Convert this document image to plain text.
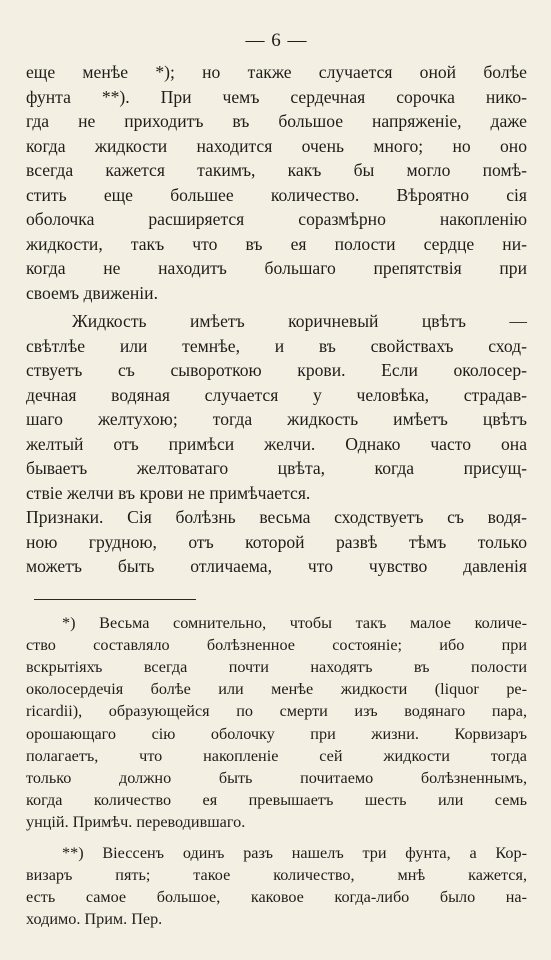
— 6 —
еще менѣе *); но также случается оной болѣе
фунта **). При чемъ сердечная сорочка нико-
гда не приходитъ въ большое напряженіе, даже
когда жидкости находится очень много; но оно
всегда кажется такимъ, какъ бы могло помѣ-
стить еще большее количество. Вѣроятно сія
оболочка расширяется соразмѣрно накопленію
жидкости, такъ что въ ея полости сердце ни-
когда не находитъ большаго препятствія при
своемъ движеніи.
Жидкость имѣетъ коричневый цвѣтъ —
свѣтлѣе или темнѣе, и въ свойствахъ сход-
ствуетъ съ сывороткою крови. Если околосер-
дечная водяная случается у человѣка, страдав-
шаго желтухою; тогда жидкость имѣетъ цвѣтъ
желтый отъ примѣси желчи. Однако часто она
бываетъ желтоватаго цвѣта, когда присущ-
ствіе желчи въ крови не примѣчается.
Признаки. Сія болѣзнь весьма сходствуетъ съ водя-
ною грудною, отъ которой развѣ тѣмъ только
можетъ быть отличаема, что чувство давленія
*) Весьма сомнительно, чтобы такъ малое количе-
ство составляло болѣзненное состояніе; ибо при
вскрытіяхъ всегда почти находятъ въ полости
околосердечія болѣе или менѣе жидкости (liquor pe-
ricardii), образующейся по смерти изъ водянаго пара,
орошающаго сію оболочку при жизни. Корвизаръ
полагаетъ, что накопленіе сей жидкости тогда
только должно быть почитаемо болѣзненнымъ,
когда количество ея превышаетъ шесть или семь
унцій. Примѣч. переводившаго.
**) Віессенъ одинъ разъ нашелъ три фунта, а Кор-
визаръ пять; такое количество, мнѣ кажется,
есть самое большое, каковое когда-либо было на-
ходимо. Прим. Пер.
